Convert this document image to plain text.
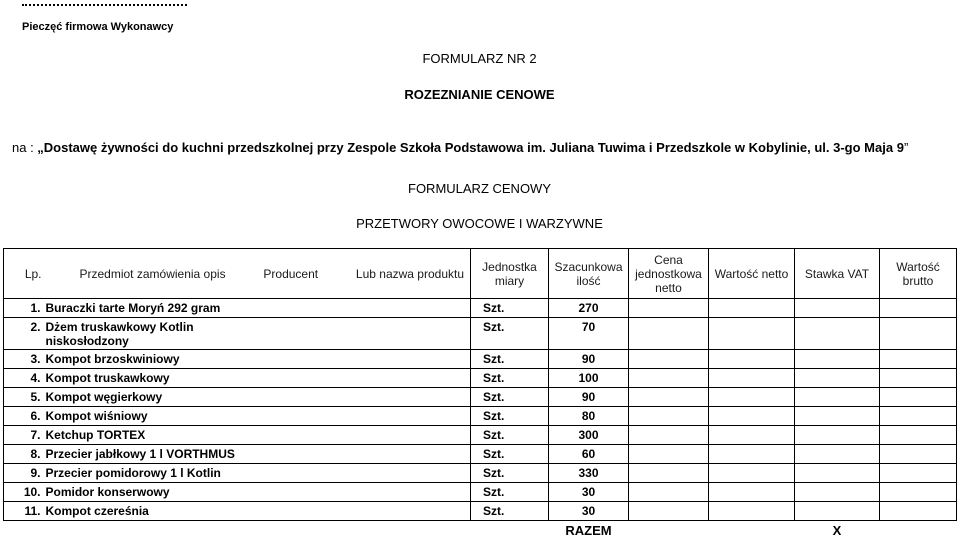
Pieczęć firmowa Wykonawcy
FORMULARZ NR 2
ROZEZNIANIE CENOWE
na : „Dostawę żywności do kuchni przedszkolnej przy Zespole Szkoła Podstawowa im. Juliana Tuwima i Przedszkole w Kobylinie, ul. 3-go Maja 9”
FORMULARZ CENOWY
PRZETWORY OWOCOWE I WARZYWNE
Lp.	Przedmiot zamówienia opis Producent Lub nazwa produktu	Jednostka miary	Szacunkowa ilość	Cena jednostkowa netto	Wartość netto	Stawka VAT	Wartość brutto
1.	Buraczki tarte Moryń 292 gram	Szt.	270				
2.	Dżem truskawkowy Kotlin niskosłodzony	Szt.	70				
3.	Kompot brzoskwiniowy	Szt.	90				
4.	Kompot truskawkowy	Szt.	100				
5.	Kompot węgierkowy	Szt.	90				
6.	Kompot wiśniowy	Szt.	80				
7.	Ketchup TORTEX	Szt.	300				
8.	Przecier jabłkowy 1 l VORTHMUS	Szt.	60				
9.	Przecier pomidorowy 1 l Kotlin	Szt.	330				
10.	Pomidor konserwowy	Szt.	30				
11.	Kompot czereśnia	Szt.	30				
			RAZEM			X	
